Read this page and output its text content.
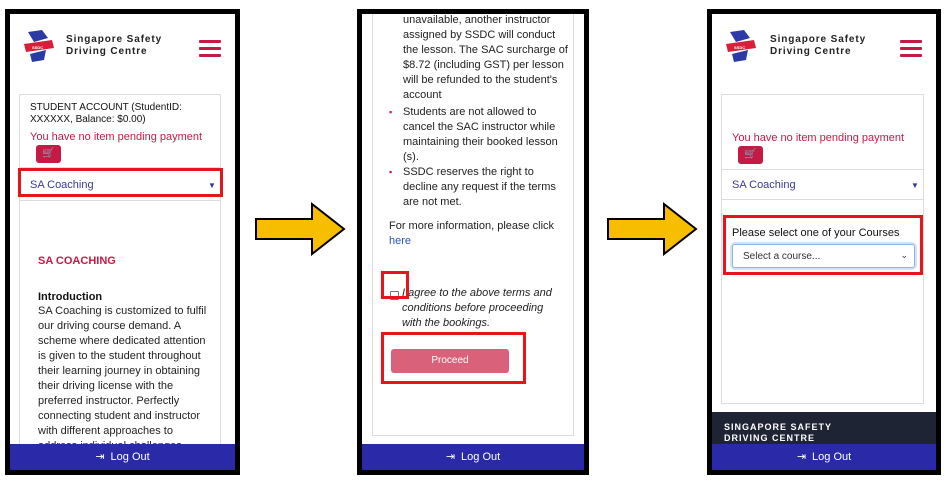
SSDC
Singapore Safety
Driving Centre
STUDENT ACCOUNT (StudentID: XXXXXX, Balance: $0.00)
You have no item pending payment
🛒
SA Coaching	▼
SA COACHING
Introduction
SA Coaching is customized to fulfil
our driving course demand. A
scheme where dedicated attention
is given to the student throughout
their learning journey in obtaining
their driving license with the
preferred instructor. Perfectly
connecting student and instructor
with different approaches to
⇥ Log Out
unavailable, another instructor
assigned by SSDC will conduct
the lesson. The SAC surcharge of
$8.72 (including GST) per lesson
will be refunded to the student's
account
▪ Students are not allowed to
cancel the SAC instructor while
maintaining their booked lesson
(s).
▪ SSDC reserves the right to
decline any request if the terms
are not met.
For more information, please click
here
I agree to the above terms and
conditions before proceeding
with the bookings.
Proceed
⇥ Log Out
SSDC
Singapore Safety
Driving Centre
You have no item pending payment
🛒
SA Coaching	▼
Please select one of your Courses
Select a course...	⌄
SINGAPORE SAFETY
DRIVING CENTRE
⇥ Log Out
